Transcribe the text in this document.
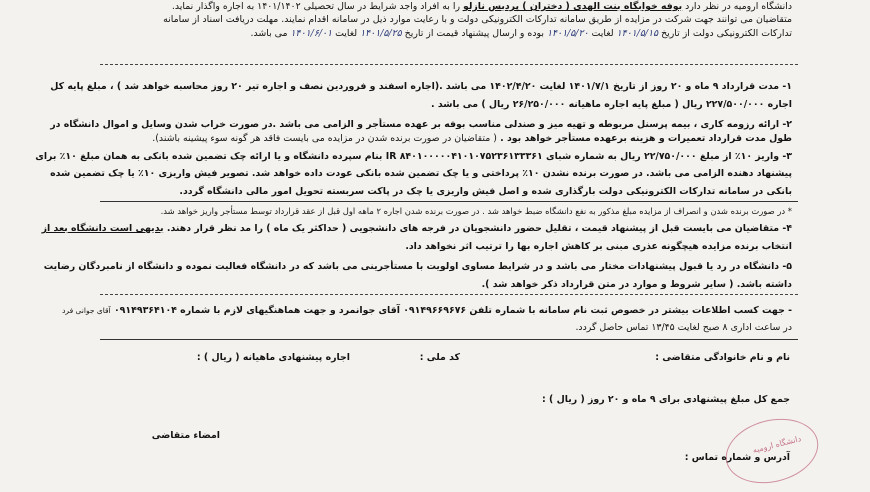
دانشگاه ارومیه در نظر دارد بوفه خوابگاه بنت الهدی ( دختران ) پردیس نازلو را به افراد واجد شرایط در سال تحصیلی ۱۴۰۱/۱۴۰۲ به اجاره واگذار نماید.
متقاضیان می توانند جهت شرکت در مزایده از طریق سامانه تدارکات الکترونیکی دولت و با رعایت موارد ذیل در سامانه اقدام نمایند. مهلت دریافت اسناد از سامانه
تدارکات الکترونیکی دولت از تاریخ ۱۴۰۱/۵/۱۵ لغایت ۱۴۰۱/۵/۲۰ بوده و ارسال پیشنهاد قیمت از تاریخ ۱۴۰۱/۵/۲۵ لغایت ۱۴۰۱/۶/۰۱ می باشد.
۱- مدت قرارداد ۹ ماه و ۲۰ روز از تاریخ ۱۴۰۱/۷/۱ لغایت ۱۴۰۲/۴/۲۰ می باشد .(اجاره اسفند و فروردین نصف و اجاره تیر ۲۰ روز محاسبه خواهد شد ) ، مبلغ پایه کل
اجاره ۲۲۷/۵۰۰/۰۰۰ ریال ( مبلغ پایه اجاره ماهیانه ۲۶/۲۵۰/۰۰۰ ریال ) می باشد .
۲- ارائه رزومه کاری ، بیمه پرسنل مربوطه و تهیه میز و صندلی مناسب بوفه بر عهده مستأجر و الزامی می باشد .در صورت خراب شدن وسایل و اموال دانشگاه در
طول مدت قرارداد تعمیرات و هزینه برعهده مستأجر خواهد بود . ( متقاضیان در صورت برنده شدن در مزایده می بایست فاقد هر گونه سوء پیشینه باشند).
۳- واریز ۱۰٪ از مبلغ ۲۲/۷۵۰/۰۰۰ ریال به شماره شبای IR ۸۴۰۱۰۰۰۰۰۴۱۰۱۰۷۵۲۳۶۱۳۳۳۶۱ بنام سپرده دانشگاه و یا ارائه چک تضمین شده بانکی به همان مبلغ ۱۰٪ برای
پیشنهاد دهنده الزامی می باشد. در صورت برنده نشدن ۱۰٪ پرداختی و یا چک تضمین شده بانکی عودت داده خواهد شد. تصویر فیش واریزی ۱۰٪ یا چک تضمین شده
بانکی در سامانه تدارکات الکترونیکی دولت بارگذاری شده و اصل فیش واریزی یا چک در پاکت سربسته تحویل امور مالی دانشگاه گردد.
* در صورت برنده شدن و انصراف از مزایده مبلغ مذکور به نفع دانشگاه ضبط خواهد شد . در صورت برنده شدن اجاره ۲ ماهه اول قبل از عقد قرارداد توسط مستأجر واریز خواهد شد.
۴- متقاضیان می بایست قبل از پیشنهاد قیمت ، تقلیل حضور دانشجویان در فرجه های دانشجویی ( حداکثر یک ماه ) را مد نظر قرار دهند. بدیهی است دانشگاه بعد از
انتخاب برنده مزایده هیچگونه عذری مبنی بر کاهش اجاره بها را ترتیب اثر نخواهد داد.
۵- دانشگاه در رد یا قبول پیشنهادات مختار می باشد و در شرایط مساوی اولویت با مستأجرینی می باشد که در دانشگاه فعالیت نموده و دانشگاه از نامبردگان رضایت
داشته باشد. ( سایر شروط و موارد در متن قرارداد ذکر خواهد شد ).
- جهت کسب اطلاعات بیشتر در خصوص ثبت نام سامانه با شماره تلفن ۰۹۱۴۹۶۶۹۶۷۶ آقای جوانمرد و جهت هماهنگیهای لازم با شماره ۰۹۱۴۹۳۶۴۱۰۴ آقای جوانی فرد
در ساعت اداری ۸ صبح لغایت ۱۳/۴۵ تماس حاصل گردد.
نام و نام خانوادگی متقاضی :
کد ملی :
اجاره پیشنهادی ماهیانه ( ریال ) :
جمع کل مبلغ پیشنهادی برای ۹ ماه و ۲۰ روز ( ریال ) :
امضاء متقاضی
آدرس و شماره تماس :
دانشگاه ارومیه
